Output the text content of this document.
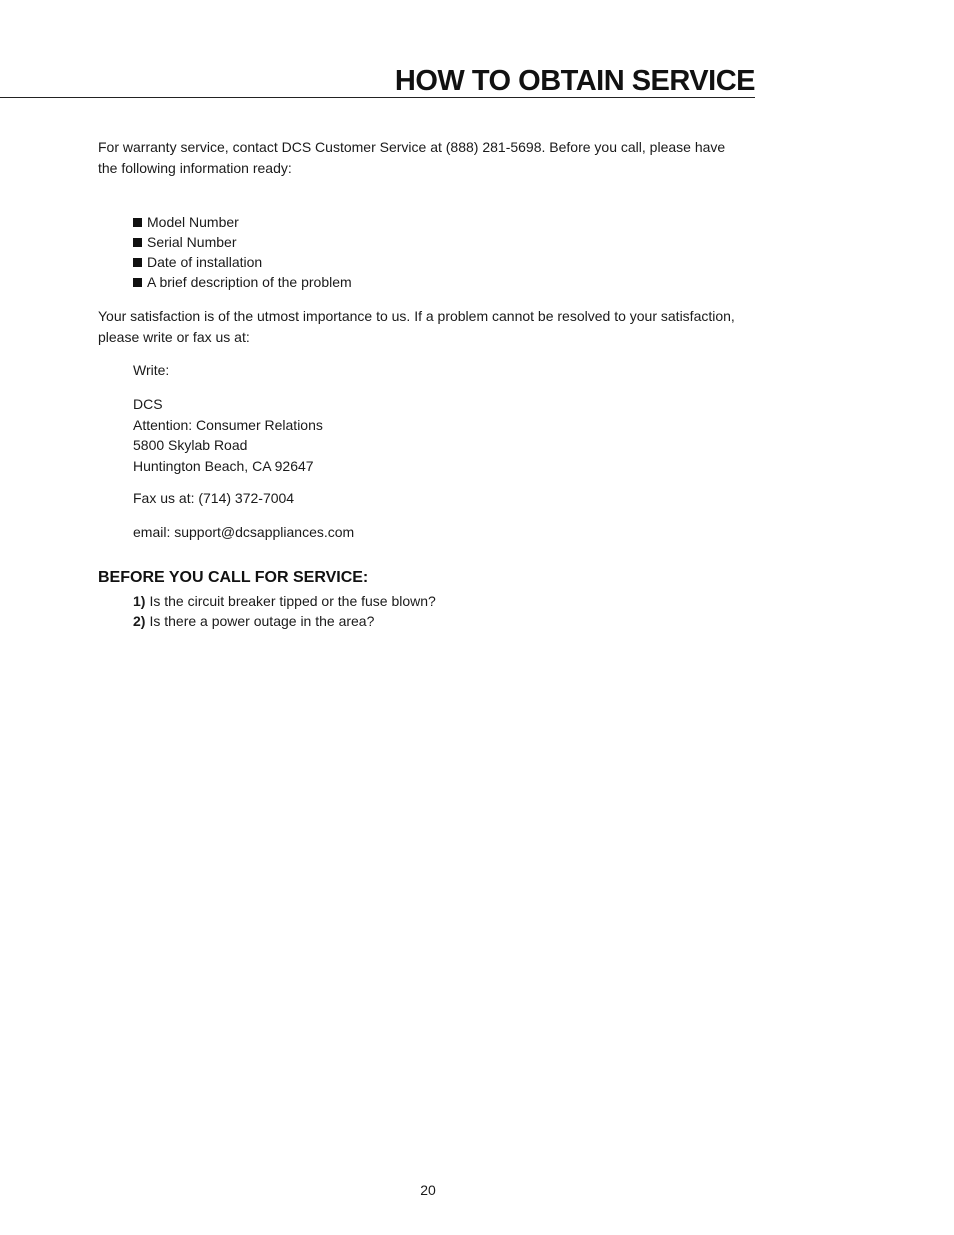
HOW TO OBTAIN SERVICE

For warranty service, contact DCS Customer Service at (888) 281-5698. Before you call, please have the following information ready:

Model Number
Serial Number
Date of installation
A brief description of the problem

Your satisfaction is of the utmost importance to us. If a problem cannot be resolved to your satisfaction, please write or fax us at:

Write:

DCS
Attention: Consumer Relations
5800 Skylab Road
Huntington Beach, CA 92647

Fax us at: (714) 372-7004

email: support@dcsappliances.com

BEFORE YOU CALL FOR SERVICE:
1) Is the circuit breaker tipped or the fuse blown?
2) Is there a power outage in the area?
20
